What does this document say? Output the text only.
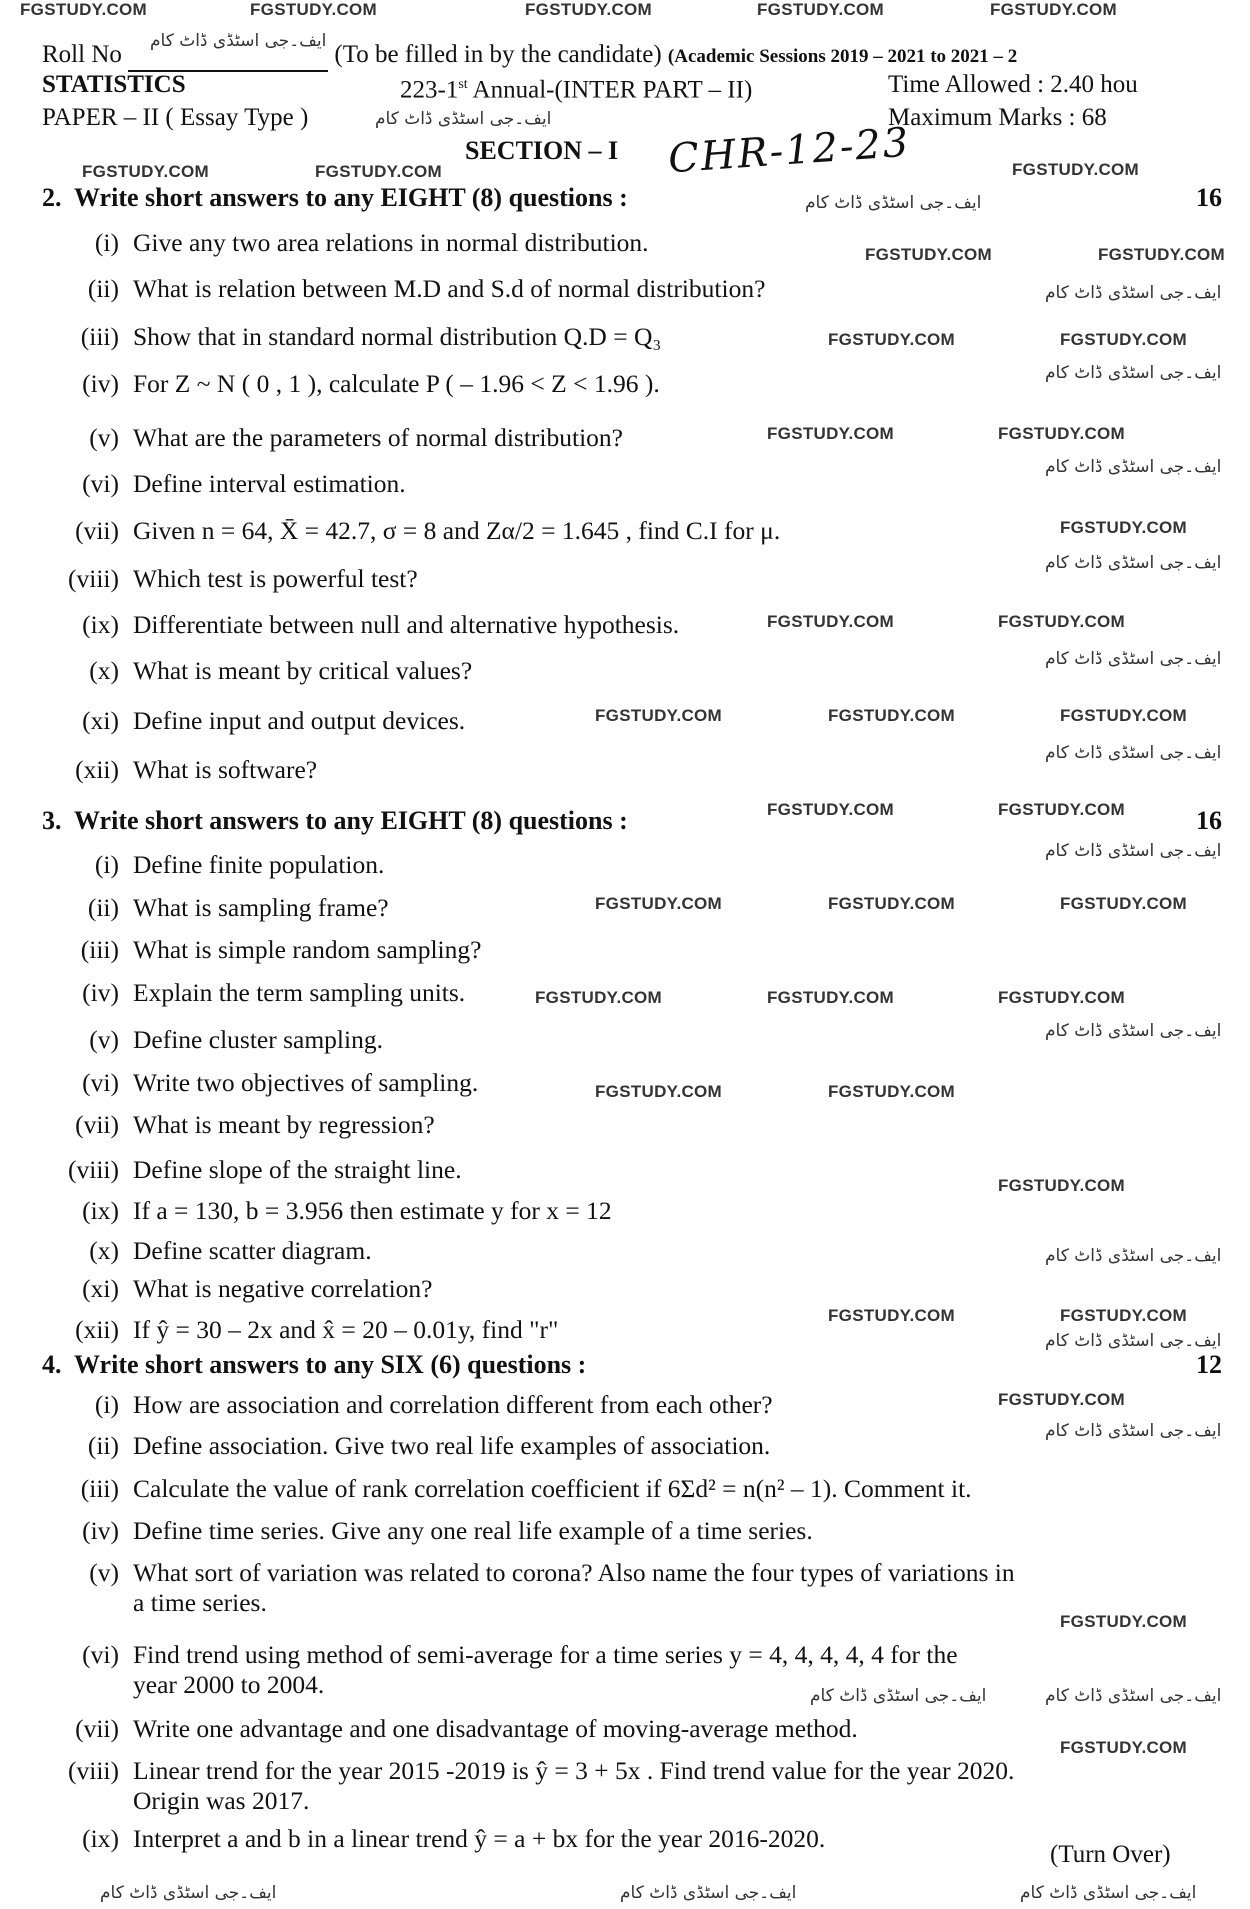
FGSTUDY.COM	FGSTUDY.COM	FGSTUDY.COM	FGSTUDY.COM	FGSTUDY.COM
Roll No	(To be filled in by the candidate) (Academic Sessions 2019 – 2021 to 2021 – 2
STATISTICS	223-1st Annual-(INTER PART – II)	Time Allowed : 2.40 hou
PAPER – II ( Essay Type )	Maximum Marks : 68
ایف۔جی اسٹڈی ڈاٹ کام
ایف۔جی اسٹڈی ڈاٹ کام
FGSTUDY.COM	FGSTUDY.COM
SECTION – I CHR-12-23	FGSTUDY.COM
2. Write short answers to any EIGHT (8) questions :	16
ایف۔جی اسٹڈی ڈاٹ کام
(i) Give any two area relations in normal distribution.
(ii) What is relation between M.D and S.d of normal distribution?
(iii) Show that in standard normal distribution Q.D = Q₃
(iv) For Z ~ N ( 0 , 1 ), calculate P ( – 1.96 < Z < 1.96 ).
(v) What are the parameters of normal distribution?
(vi) Define interval estimation.
(vii) Given n = 64, X̄ = 42.7, σ = 8 and Zα/2 = 1.645 , find C.I for μ.
(viii) Which test is powerful test?
(ix) Differentiate between null and alternative hypothesis.
(x) What is meant by critical values?
(xi) Define input and output devices.
(xii) What is software?
(i) Define finite population.
(ii) What is sampling frame?
(iii) What is simple random sampling?
(iv) Explain the term sampling units.
(v) Define cluster sampling.
(vi) Write two objectives of sampling.
(vii) What is meant by regression?
(viii) Define slope of the straight line.
(ix) If a = 130, b = 3.956 then estimate y for x = 12
(x) Define scatter diagram.
(xi) What is negative correlation?
(xii) If ŷ = 30 – 2x and x̂ = 20 – 0.01y, find "r"
(i) How are association and correlation different from each other?
(ii) Define association. Give two real life examples of association.
(iii) Calculate the value of rank correlation coefficient if 6Σd² = n(n² – 1). Comment it.
(iv) Define time series. Give any one real life example of a time series.
(v) What sort of variation was related to corona? Also name the four types of variations in
a time series.
(vi) Find trend using method of semi-average for a time series y = 4, 4, 4, 4, 4 for the
year 2000 to 2004.
(vii) Write one advantage and one disadvantage of moving-average method.
(viii) Linear trend for the year 2015 -2019 is ŷ = 3 + 5x . Find trend value for the year 2020.
Origin was 2017.
(ix) Interpret a and b in a linear trend ŷ = a + bx for the year 2016-2020.
3. Write short answers to any EIGHT (8) questions :	16
4. Write short answers to any SIX (6) questions :	12
FGSTUDY.COM	FGSTUDY.COM
FGSTUDY.COM	FGSTUDY.COM
FGSTUDY.COM	FGSTUDY.COM
FGSTUDY.COM
FGSTUDY.COM	FGSTUDY.COM
FGSTUDY.COM	FGSTUDY.COM	FGSTUDY.COM
FGSTUDY.COM	FGSTUDY.COM
FGSTUDY.COM	FGSTUDY.COM	FGSTUDY.COM
FGSTUDY.COM	FGSTUDY.COM	FGSTUDY.COM
FGSTUDY.COM	FGSTUDY.COM
FGSTUDY.COM
FGSTUDY.COM	FGSTUDY.COM
FGSTUDY.COM
FGSTUDY.COM
FGSTUDY.COM
ایف۔جی اسٹڈی ڈاٹ کام
ایف۔جی اسٹڈی ڈاٹ کام
ایف۔جی اسٹڈی ڈاٹ کام
ایف۔جی اسٹڈی ڈاٹ کام
ایف۔جی اسٹڈی ڈاٹ کام
ایف۔جی اسٹڈی ڈاٹ کام
ایف۔جی اسٹڈی ڈاٹ کام
ایف۔جی اسٹڈی ڈاٹ کام
ایف۔جی اسٹڈی ڈاٹ کام
ایف۔جی اسٹڈی ڈاٹ کام
ایف۔جی اسٹڈی ڈاٹ کام
ایف۔جی اسٹڈی ڈاٹ کام
ایف۔جی اسٹڈی ڈاٹ کام
(Turn Over)
ایف۔جی اسٹڈی ڈاٹ کام	ایف۔جی اسٹڈی ڈاٹ کام	ایف۔جی اسٹڈی ڈاٹ کام
